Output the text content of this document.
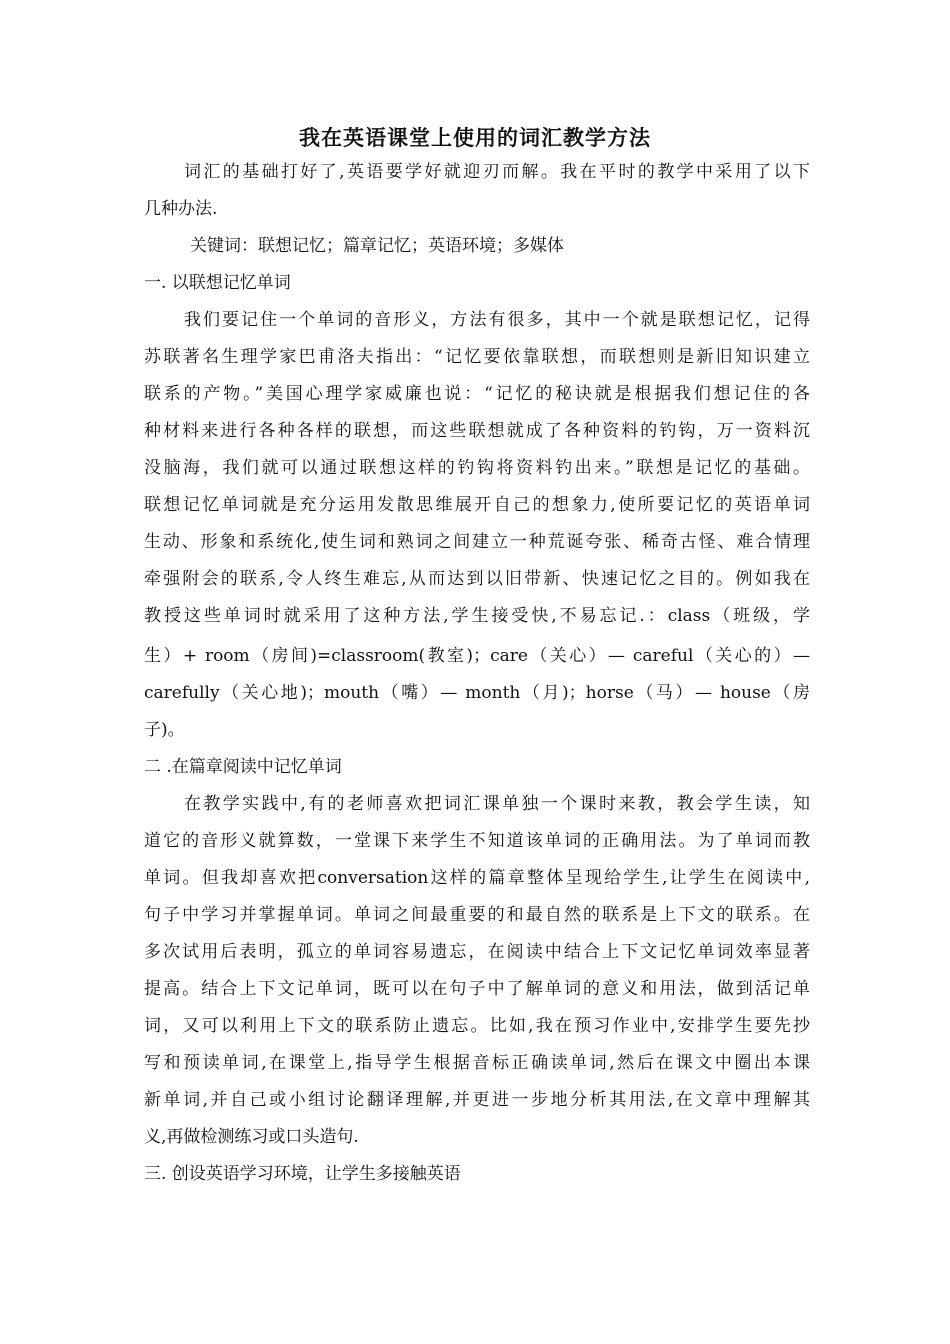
我在英语课堂上使用的词汇教学方法
词汇的基础打好了,英语要学好就迎刃而解。我在平时的教学中采用了以下
几种办法.
关键词：联想记忆；篇章记忆；英语环境；多媒体
一. 以联想记忆单词
我们要记住一个单词的音形义，方法有很多，其中一个就是联想记忆，记得
苏联著名生理学家巴甫洛夫指出：“记忆要依靠联想，而联想则是新旧知识建立
联系的产物。”美国心理学家威廉也说：“记忆的秘诀就是根据我们想记住的各
种材料来进行各种各样的联想，而这些联想就成了各种资料的钓钩，万一资料沉
没脑海，我们就可以通过联想这样的钓钩将资料钓出来。”联想是记忆的基础。
联想记忆单词就是充分运用发散思维展开自己的想象力,使所要记忆的英语单词
生动、形象和系统化,使生词和熟词之间建立一种荒诞夸张、稀奇古怪、难合情理
牵强附会的联系,令人终生难忘,从而达到以旧带新、快速记忆之目的。例如我在
教授这些单词时就采用了这种方法,学生接受快,不易忘记.：class（班级，学
生）+ room（房间)=classroom(教室)；care（关心）— careful（关心的）—
carefully（关心地)；mouth（嘴）— month（月)；horse（马）— house（房
子)。
二 .在篇章阅读中记忆单词
在教学实践中,有的老师喜欢把词汇课单独一个课时来教，教会学生读，知
道它的音形义就算数，一堂课下来学生不知道该单词的正确用法。为了单词而教
单词。但我却喜欢把conversation这样的篇章整体呈现给学生,让学生在阅读中,
句子中学习并掌握单词。单词之间最重要的和最自然的联系是上下文的联系。在
多次试用后表明，孤立的单词容易遗忘，在阅读中结合上下文记忆单词效率显著
提高。结合上下文记单词，既可以在句子中了解单词的意义和用法，做到活记单
词，又可以利用上下文的联系防止遗忘。比如,我在预习作业中,安排学生要先抄
写和预读单词,在课堂上,指导学生根据音标正确读单词,然后在课文中圈出本课
新单词,并自己或小组讨论翻译理解,并更进一步地分析其用法,在文章中理解其
义,再做检测练习或口头造句.
三. 创设英语学习环境，让学生多接触英语
